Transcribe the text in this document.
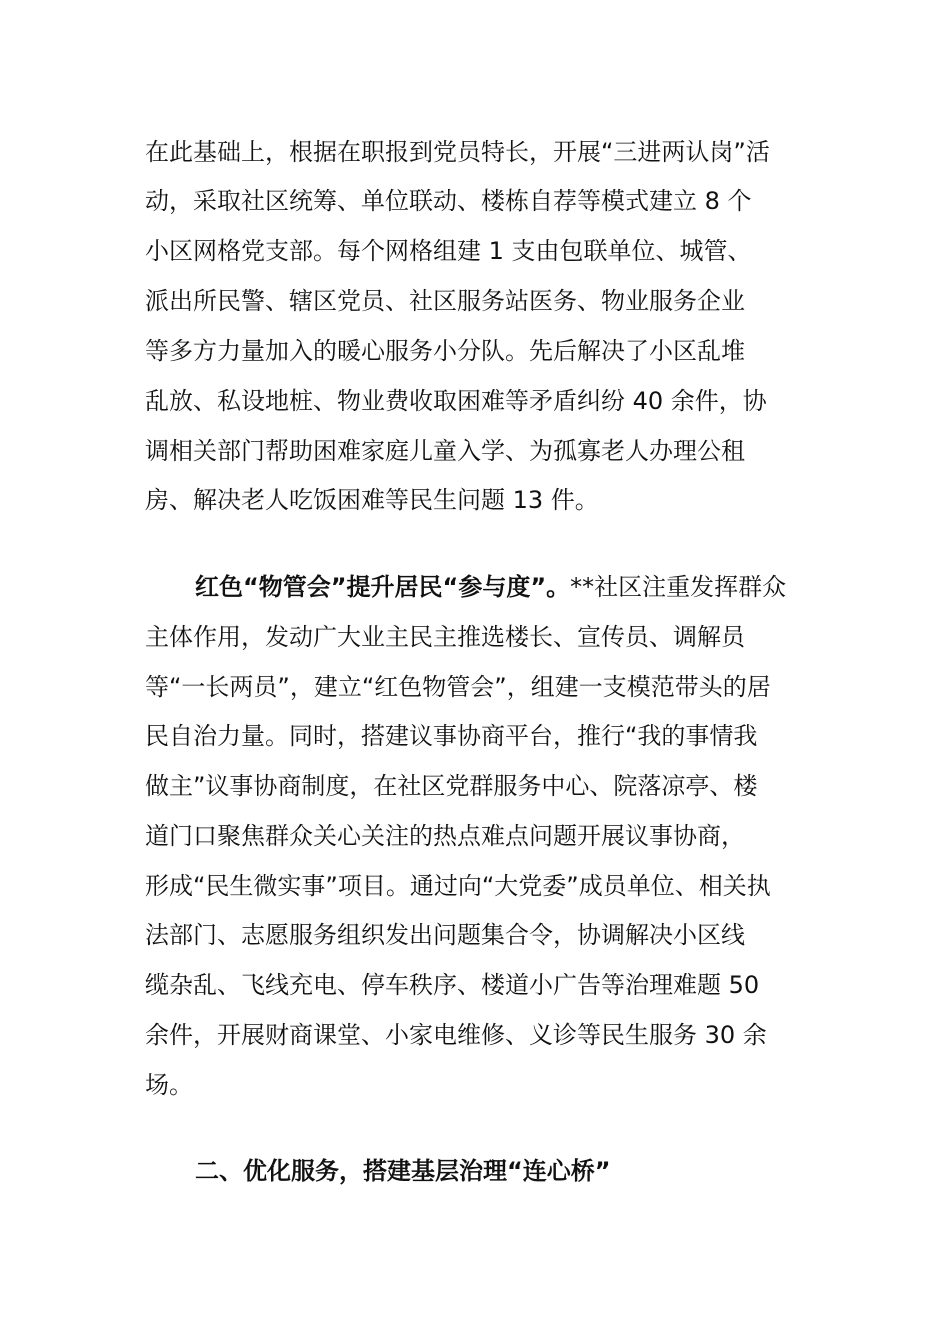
在此基础上，根据在职报到党员特长，开展“三进两认岗”活
动，采取社区统筹、单位联动、楼栋自荐等模式建立 8 个
小区网格党支部。每个网格组建 1 支由包联单位、城管、
派出所民警、辖区党员、社区服务站医务、物业服务企业
等多方力量加入的暖心服务小分队。先后解决了小区乱堆
乱放、私设地桩、物业费收取困难等矛盾纠纷 40 余件，协
调相关部门帮助困难家庭儿童入学、为孤寡老人办理公租
房、解决老人吃饭困难等民生问题 13 件。
红色“物管会”提升居民“参与度”。**社区注重发挥群众
主体作用，发动广大业主民主推选楼长、宣传员、调解员
等“一长两员”，建立“红色物管会”，组建一支模范带头的居
民自治力量。同时，搭建议事协商平台，推行“我的事情我
做主”议事协商制度，在社区党群服务中心、院落凉亭、楼
道门口聚焦群众关心关注的热点难点问题开展议事协商，
形成“民生微实事”项目。通过向“大党委”成员单位、相关执
法部门、志愿服务组织发出问题集合令，协调解决小区线
缆杂乱、飞线充电、停车秩序、楼道小广告等治理难题 50
余件，开展财商课堂、小家电维修、义诊等民生服务 30 余
场。
二、优化服务，搭建基层治理“连心桥”
